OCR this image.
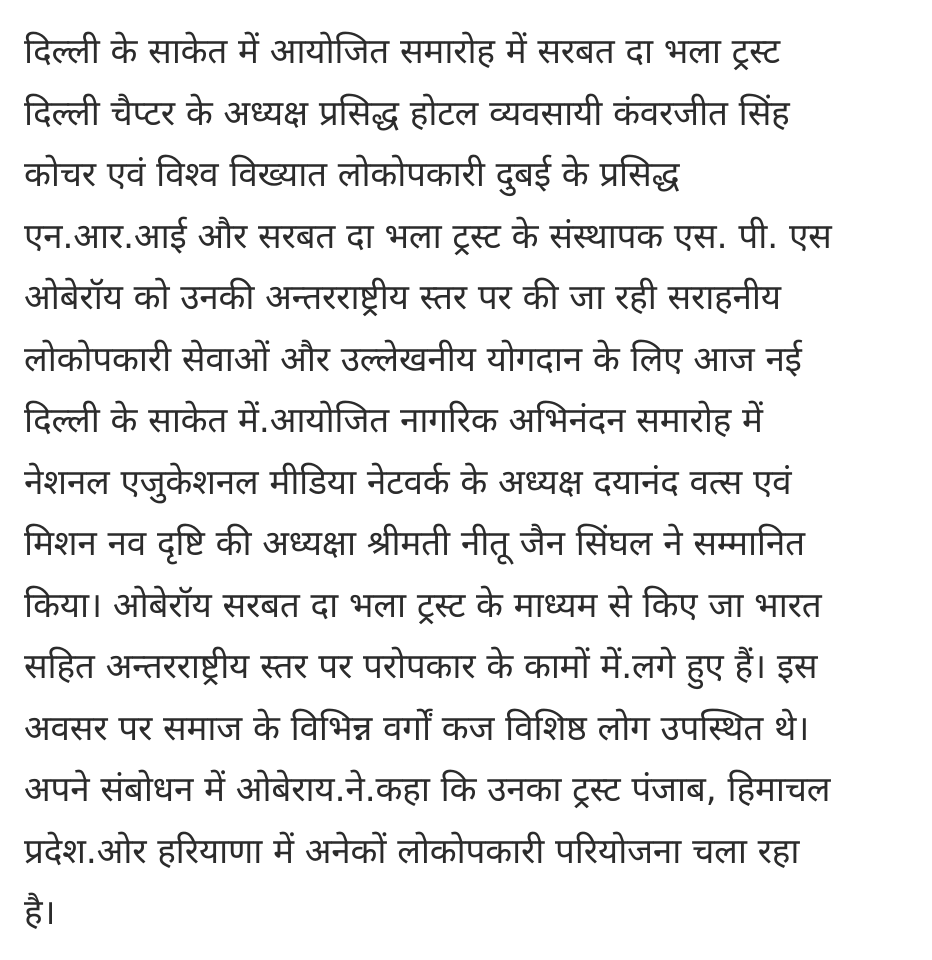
दिल्ली के साकेत में आयोजित समारोह में सरबत दा भला ट्रस्ट
दिल्ली चैप्टर के अध्यक्ष प्रसिद्ध होटल व्यवसायी कंवरजीत सिंह
कोचर एवं विश्व विख्यात लोकोपकारी दुबई के प्रसिद्ध
एन.आर.आई और सरबत दा भला ट्रस्ट के संस्थापक एस. पी. एस
ओबेरॉय को उनकी अन्तरराष्ट्रीय स्तर पर की जा रही सराहनीय
लोकोपकारी सेवाओं और उल्लेखनीय योगदान के लिए आज नई
दिल्ली के साकेत में.आयोजित नागरिक अभिनंदन समारोह में
नेशनल एजुकेशनल मीडिया नेटवर्क के अध्यक्ष दयानंद वत्स एवं
मिशन नव दृष्टि की अध्यक्षा श्रीमती नीतू जैन सिंघल ने सम्मानित
किया। ओबेरॉय सरबत दा भला ट्रस्ट के माध्यम से किए जा भारत
सहित अन्तरराष्ट्रीय स्तर पर परोपकार के कामों में.लगे हुए हैं। इस
अवसर पर समाज के विभिन्न वर्गों कज विशिष्ठ लोग उपस्थित थे।
अपने संबोधन में ओबेराय.ने.कहा कि उनका ट्रस्ट पंजाब, हिमाचल
प्रदेश.ओर हरियाणा में अनेकों लोकोपकारी परियोजना चला रहा
है।
